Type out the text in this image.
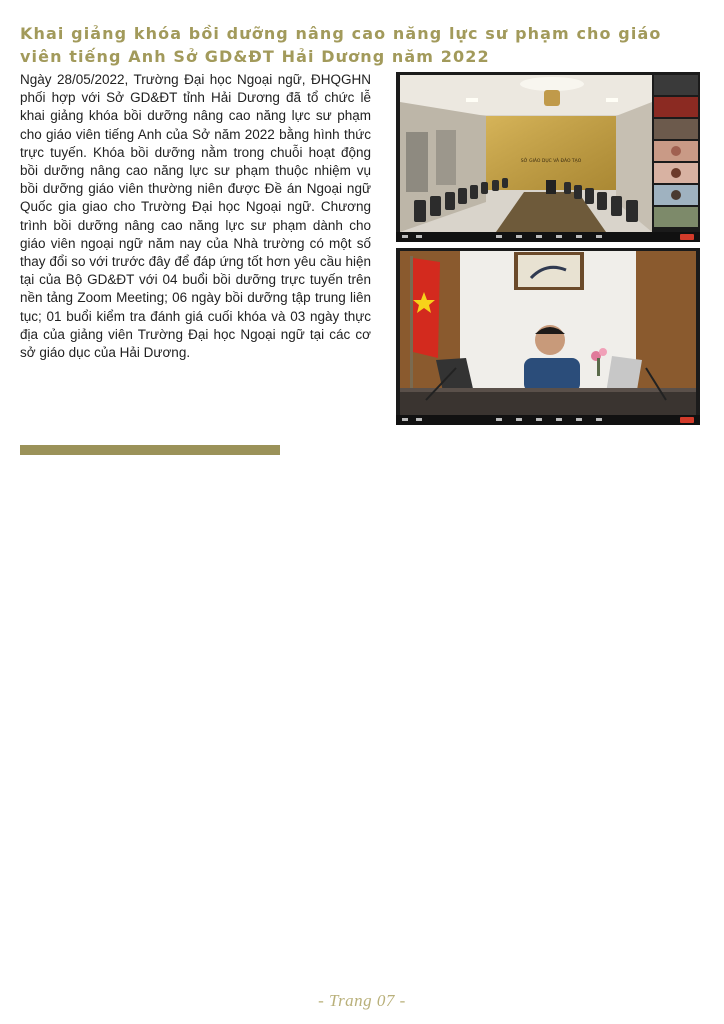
Khai giảng khóa bồi dưỡng nâng cao năng lực sư phạm cho giáo viên tiếng Anh Sở GD&ĐT Hải Dương năm 2022

Ngày 28/05/2022, Trường Đại học Ngoại ngữ, ĐHQGHN phối hợp với Sở GD&ĐT tỉnh Hải Dương đã tổ chức lễ khai giảng khóa bồi dưỡng nâng cao năng lực sư phạm cho giáo viên tiếng Anh của Sở năm 2022 bằng hình thức trực tuyến. Khóa bồi dưỡng nằm trong chuỗi hoạt động bồi dưỡng nâng cao năng lực sư phạm thuộc nhiệm vụ bồi dưỡng giáo viên thường niên được Đề án Ngoại ngữ Quốc gia giao cho Trường Đại học Ngoại ngữ. Chương trình bồi dưỡng nâng cao năng lực sư phạm dành cho giáo viên ngoại ngữ năm nay của Nhà trường có một số thay đổi so với trước đây để đáp ứng tốt hơn yêu cầu hiện tại của Bộ GD&ĐT với 04 buổi bồi dưỡng trực tuyến trên nền tảng Zoom Meeting; 06 ngày bồi dưỡng tập trung liên tục; 01 buổi kiểm tra đánh giá cuối khóa và 03 ngày thực địa của giảng viên Trường Đại học Ngoại ngữ tại các cơ sở giáo dục của Hải Dương.

SỞ GIÁO DỤC VÀ ĐÀO TẠO
- Trang 07 -
